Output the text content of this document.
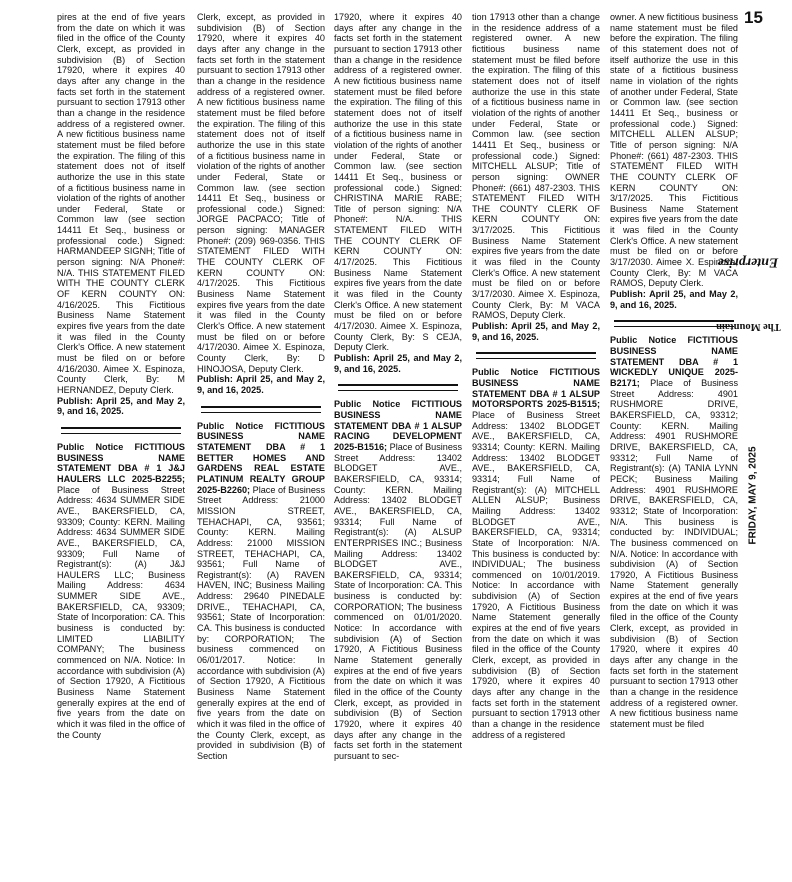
pires at the end of five years from the date on which it was filed in the office of the County Clerk, except, as provided in subdivision (B) of Section 17920, where it expires 40 days after any change in the facts set forth in the statement pursuant to section 17913 other than a change in the residence address of a registered owner. A new fictitious business name statement must be filed before the expiration. The filing of this statement does not of itself authorize the use in this state of a fictitious business name in violation of the rights of another under Federal, State or Common law (see section 14411 Et Seq., business or professional code.) Signed: HARMANDEEP SIGNH; Title of person signing: N/A Phone#: N/A. THIS STATEMENT FILED WITH THE COUNTY CLERK OF KERN COUNTY ON: 4/16/2025. This Fictitious Business Name Statement expires five years from the date it was filed in the County Clerk's Office. A new statement must be filed on or before 4/16/2030. Aimee X. Espinoza, County Clerk, By: M HERNANDEZ, Deputy Clerk.

Publish: April 25, and May 2, 9, and 16, 2025.

Public Notice FICTITIOUS BUSINESS NAME STATEMENT DBA # 1 J&J HAULERS LLC 2025-B2255; Place of Business Street Address: 4634 SUMMER SIDE AVE., BAKERSFIELD, CA, 93309; County: KERN. Mailing Address: 4634 SUMMER SIDE AVE., BAKERSFIELD, CA, 93309; Full Name of Registrant(s): (A) J&J HAULERS LLC; Business Mailing Address: 4634 SUMMER SIDE AVE., BAKERSFIELD, CA, 93309; State of Incorporation: CA. This business is conducted by: LIMITED LIABILITY COMPANY; The business commenced on N/A. Notice: In accordance with subdivision (A) of Section 17920, A Fictitious Business Name Statement generally expires at the end of five years from the date on which it was filed in the office of the County

Clerk, except, as provided in subdivision (B) of Section 17920, where it expires 40 days after any change in the facts set forth in the statement pursuant to section 17913 other than a change in the residence address of a registered owner. A new fictitious business name statement must be filed before the expiration. The filing of this statement does not of itself authorize the use in this state of a fictitious business name in violation of the rights of another under Federal, State or Common law. (see section 14411 Et Seq., business or professional code.) Signed: JORGE PACPACO; Title of person signing: MANAGER Phone#: (209) 969-0356. THIS STATEMENT FILED WITH THE COUNTY CLERK OF KERN COUNTY ON: 4/17/2025. This Fictitious Business Name Statement expires five years from the date it was filed in the County Clerk's Office. A new statement must be filed on or before 4/17/2030. Aimee X. Espinoza, County Clerk, By: D HINOJOSA, Deputy Clerk.

Publish: April 25, and May 2, 9, and 16, 2025.

Public Notice FICTITIOUS BUSINESS NAME STATEMENT DBA # 1 BETTER HOMES AND GARDENS REAL ESTATE PLATINUM REALTY GROUP 2025-B2260; Place of Business Street Address: 21000 MISSION STREET, TEHACHAPI, CA, 93561; County: KERN. Mailing Address: 21000 MISSION STREET, TEHACHAPI, CA, 93561; Full Name of Registrant(s): (A) RAVEN HAVEN, INC; Business Mailing Address: 29640 PINEDALE DRIVE., TEHACHAPI, CA, 93561; State of Incorporation: CA. This business is conducted by: CORPORATION; The business commenced on 06/01/2017. Notice: In accordance with subdivision (A) of Section 17920, A Fictitious Business Name Statement generally expires at the end of five years from the date on which it was filed in the office of the County Clerk, except, as provided in subdivision (B) of Section

17920, where it expires 40 days after any change in the facts set forth in the statement pursuant to section 17913 other than a change in the residence address of a registered owner. A new fictitious business name statement must be filed before the expiration. The filing of this statement does not of itself authorize the use in this state of a fictitious business name in violation of the rights of another under Federal, State or Common law. (see section 14411 Et Seq., business or professional code.) Signed: CHRISTINA MARIE RABE; Title of person signing: N/A Phone#: N/A. THIS STATEMENT FILED WITH THE COUNTY CLERK OF KERN COUNTY ON: 4/17/2025. This Fictitious Business Name Statement expires five years from the date it was filed in the County Clerk's Office. A new statement must be filed on or before 4/17/2030. Aimee X. Espinoza, County Clerk, By: S CEJA, Deputy Clerk.

Publish: April 25, and May 2, 9, and 16, 2025.

Public Notice FICTITIOUS BUSINESS NAME STATEMENT DBA # 1 ALSUP RACING DEVELOPMENT 2025-B1516; Place of Business Street Address: 13402 BLODGET AVE., BAKERSFIELD, CA, 93314; County: KERN. Mailing Address: 13402 BLODGET AVE., BAKERSFIELD, CA, 93314; Full Name of Registrant(s): (A) ALSUP ENTERPRISES INC.; Business Mailing Address: 13402 BLODGET AVE., BAKERSFIELD, CA, 93314; State of Incorporation: CA. This business is conducted by: CORPORATION; The business commenced on 01/01/2020. Notice: In accordance with subdivision (A) of Section 17920, A Fictitious Business Name Statement generally expires at the end of five years from the date on which it was filed in the office of the County Clerk, except, as provided in subdivision (B) of Section 17920, where it expires 40 days after any change in the facts set forth in the statement pursuant to sec-

tion 17913 other than a change in the residence address of a registered owner. A new fictitious business name statement must be filed before the expiration. The filing of this statement does not of itself authorize the use in this state of a fictitious business name in violation of the rights of another under Federal, State or Common law. (see section 14411 Et Seq., business or professional code.) Signed: MITCHELL ALSUP; Title of person signing: OWNER Phone#: (661) 487-2303. THIS STATEMENT FILED WITH THE COUNTY CLERK OF KERN COUNTY ON: 3/17/2025. This Fictitious Business Name Statement expires five years from the date it was filed in the County Clerk's Office. A new statement must be filed on or before 3/17/2030. Aimee X. Espinoza, County Clerk, By: M VACA RAMOS, Deputy Clerk.

Publish: April 25, and May 2, 9, and 16, 2025.

Public Notice FICTITIOUS BUSINESS NAME STATEMENT DBA # 1 ALSUP MOTORSPORTS 2025-B1515; Place of Business Street Address: 13402 BLODGET AVE., BAKERSFIELD, CA, 93314; County: KERN. Mailing Address: 13402 BLODGET AVE., BAKERSFIELD, CA, 93314; Full Name of Registrant(s): (A) MITCHELL ALLEN ALSUP; Business Mailing Address: 13402 BLODGET AVE., BAKERSFIELD, CA, 93314; State of Incorporation: N/A. This business is conducted by: INDIVIDUAL; The business commenced on 10/01/2019. Notice: In accordance with subdivision (A) of Section 17920, A Fictitious Business Name Statement generally expires at the end of five years from the date on which it was filed in the office of the County Clerk, except, as provided in subdivision (B) of Section 17920, where it expires 40 days after any change in the facts set forth in the statement pursuant to section 17913 other than a change in the residence address of a registered

owner. A new fictitious business name statement must be filed before the expiration. The filing of this statement does not of itself authorize the use in this state of a fictitious business name in violation of the rights of another under Federal, State or Common law. (see section 14411 Et Seq., business or professional code.) Signed: MITCHELL ALLEN ALSUP; Title of person signing: N/A Phone#: (661) 487-2303. THIS STATEMENT FILED WITH THE COUNTY CLERK OF KERN COUNTY ON: 3/17/2025. This Fictitious Business Name Statement expires five years from the date it was filed in the County Clerk's Office. A new statement must be filed on or before 3/17/2030. Aimee X. Espinoza, County Clerk, By: M VACA RAMOS, Deputy Clerk.

Publish: April 25, and May 2, 9, and 16, 2025.

Public Notice FICTITIOUS BUSINESS NAME STATEMENT DBA # 1 WICKEDLY UNIQUE 2025-B2171; Place of Business Street Address: 4901 RUSHMORE DRIVE, BAKERSFIELD, CA, 93312; County: KERN. Mailing Address: 4901 RUSHMORE DRIVE, BAKERSFIELD, CA, 93312; Full Name of Registrant(s): (A) TANIA LYNN PECK; Business Mailing Address: 4901 RUSHMORE DRIVE, BAKERSFIELD, CA, 93312; State of Incorporation: N/A. This business is conducted by: INDIVIDUAL; The business commenced on N/A. Notice: In accordance with subdivision (A) of Section 17920, A Fictitious Business Name Statement generally expires at the end of five years from the date on which it was filed in the office of the County Clerk, except, as provided in subdivision (B) of Section 17920, where it expires 40 days after any change in the facts set forth in the statement pursuant to section 17913 other than a change in the residence address of a registered owner. A new fictitious business name statement must be filed

15
The Mountain Enterprise
FRIDAY, MAY 9, 2025
